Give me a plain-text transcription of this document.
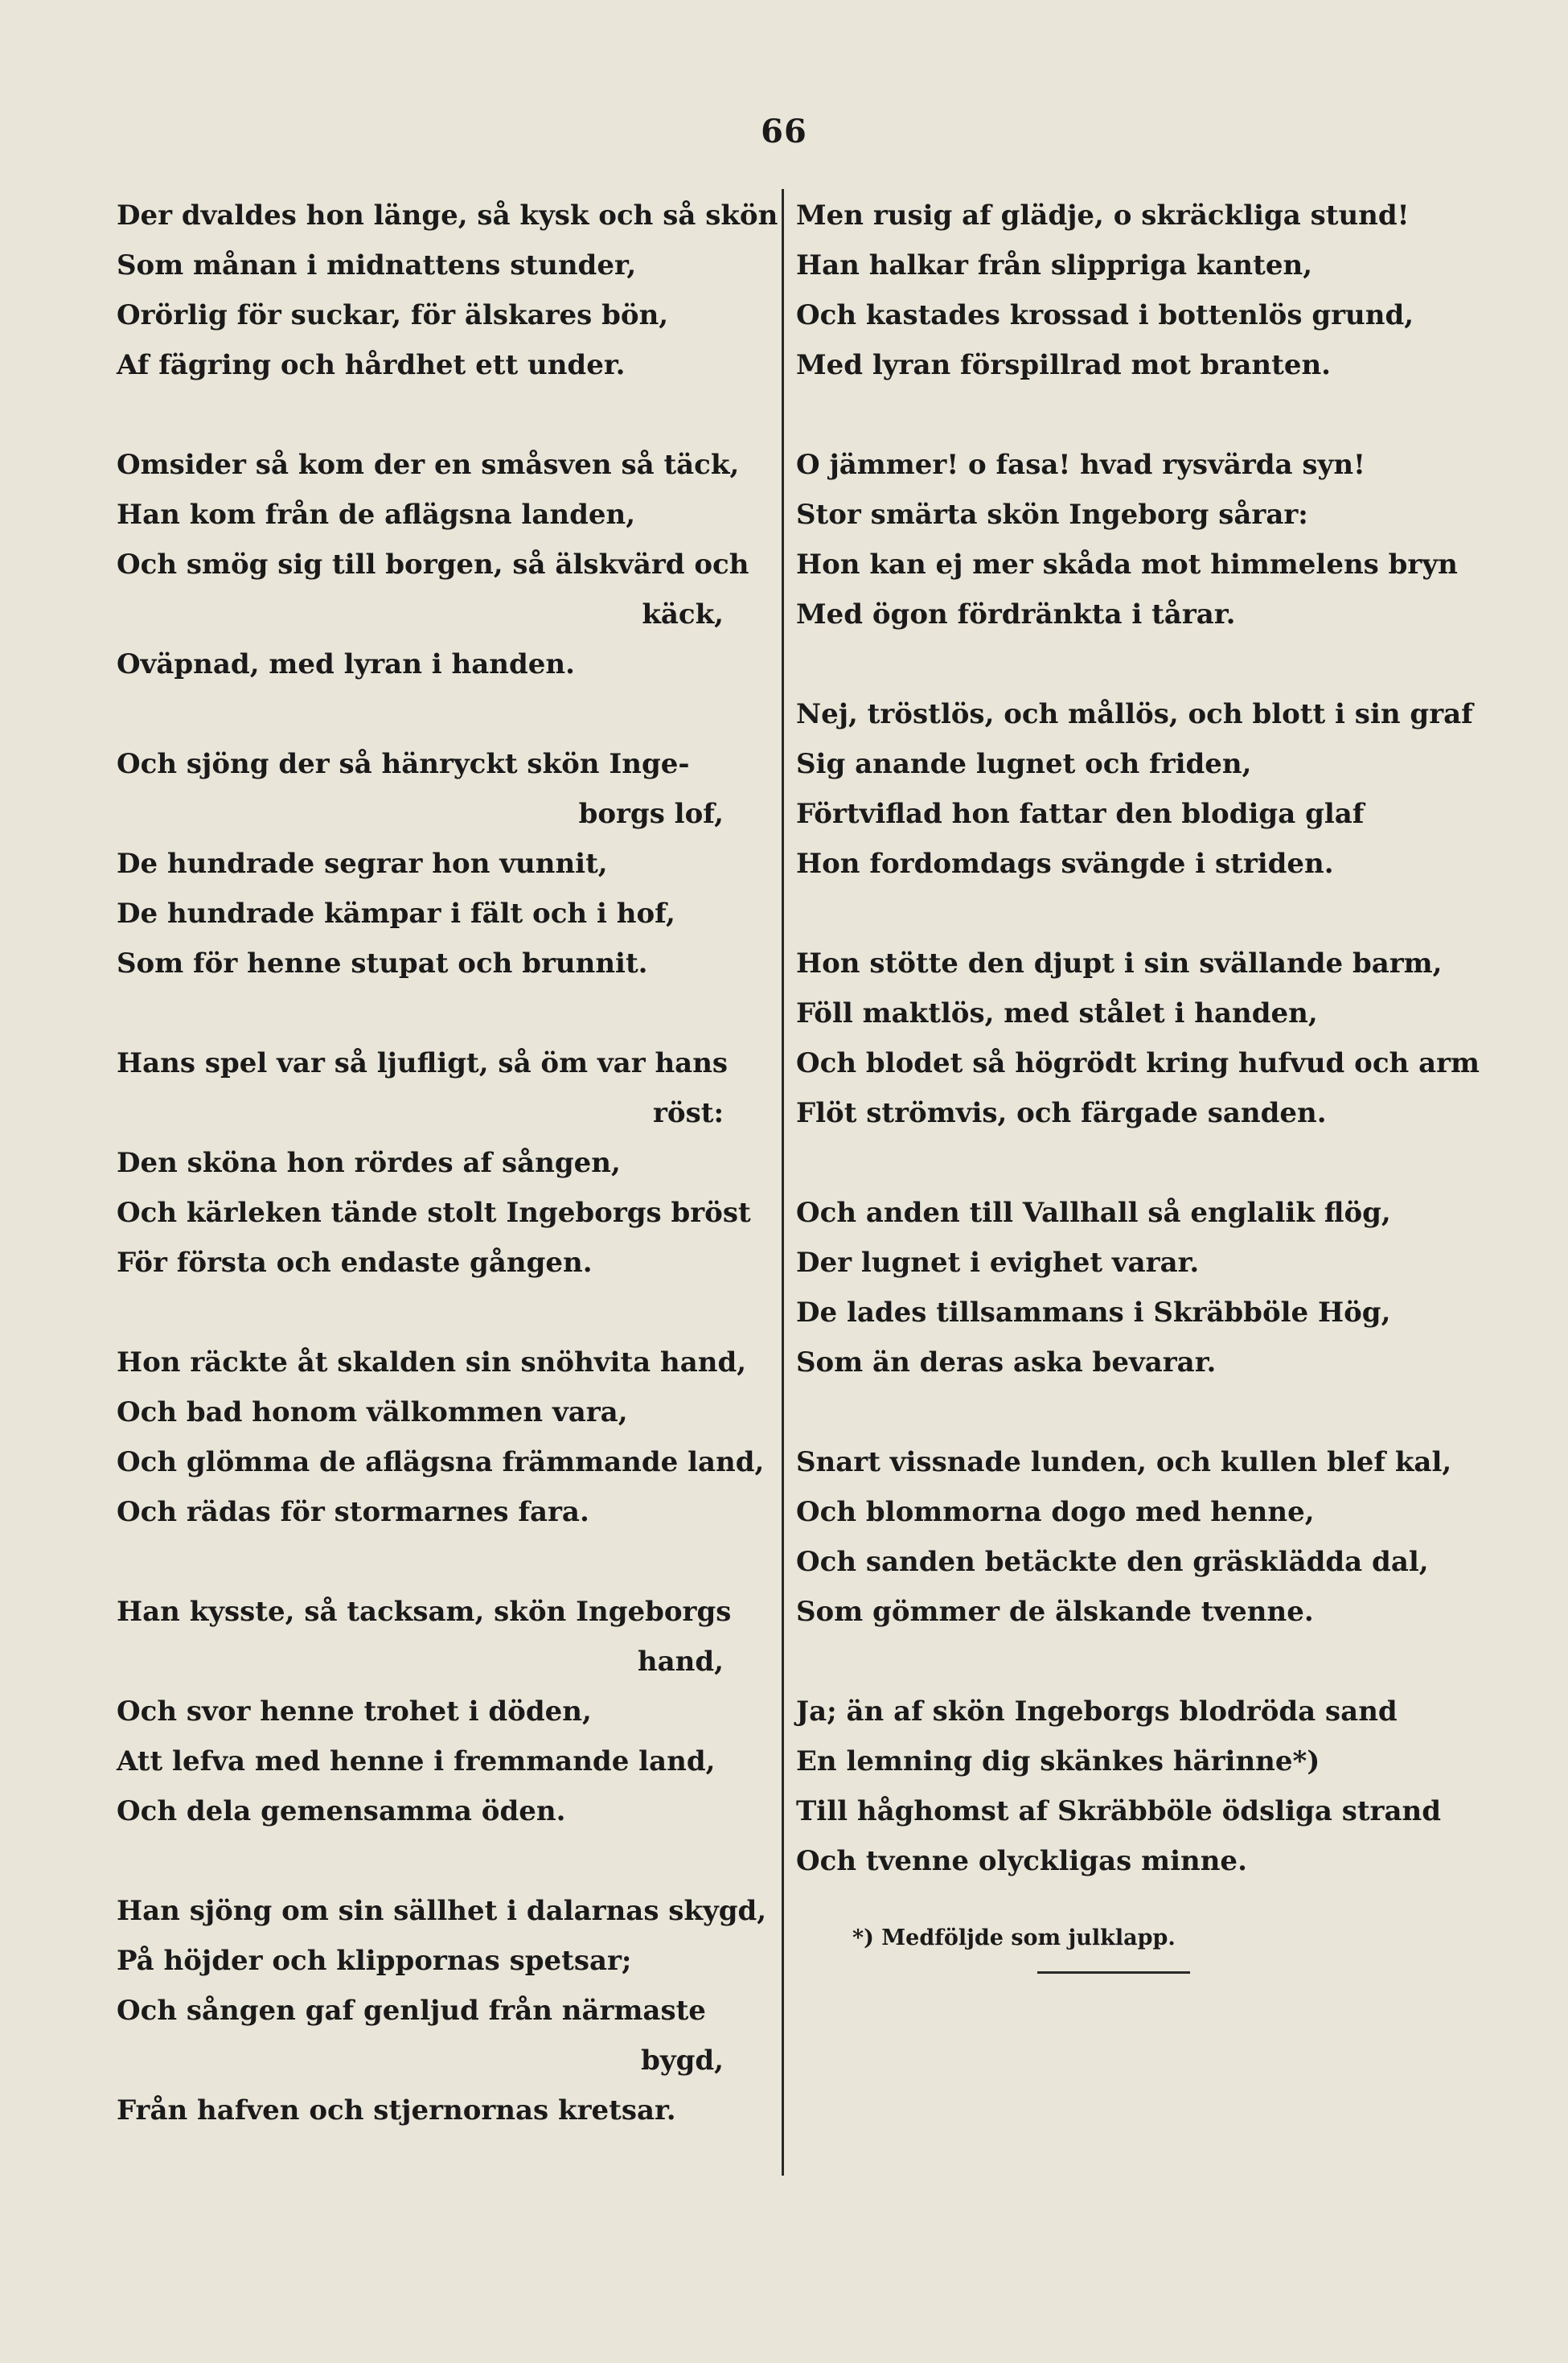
66
Der dvaldes hon länge, så kysk och så skön
Som månan i midnattens stunder,
Orörlig för suckar, för älskares bön,
Af fägring och hårdhet ett under.
Omsider så kom der en småsven så täck,
Han kom från de aflägsna landen,
Och smög sig till borgen, så älskvärd och
käck,
Oväpnad, med lyran i handen.
Och sjöng der så hänryckt skön Inge-
borgs lof,
De hundrade segrar hon vunnit,
De hundrade kämpar i fält och i hof,
Som för henne stupat och brunnit.
Hans spel var så ljufligt, så öm var hans
röst:
Den sköna hon rördes af sången,
Och kärleken tände stolt Ingeborgs bröst
För första och endaste gången.
Hon räckte åt skalden sin snöhvita hand,
Och bad honom välkommen vara,
Och glömma de aflägsna främmande land,
Och rädas för stormarnes fara.
Han kysste, så tacksam, skön Ingeborgs
hand,
Och svor henne trohet i döden,
Att lefva med henne i fremmande land,
Och dela gemensamma öden.
Han sjöng om sin sällhet i dalarnas skygd,
På höjder och klippornas spetsar;
Och sången gaf genljud från närmaste
bygd,
Från hafven och stjernornas kretsar.
Men rusig af glädje, o skräckliga stund!
Han halkar från slippriga kanten,
Och kastades krossad i bottenlös grund,
Med lyran förspillrad mot branten.
O jämmer! o fasa! hvad rysvärda syn!
Stor smärta skön Ingeborg sårar:
Hon kan ej mer skåda mot himmelens bryn
Med ögon fördränkta i tårar.
Nej, tröstlös, och mållös, och blott i sin graf
Sig anande lugnet och friden,
Förtviflad hon fattar den blodiga glaf
Hon fordomdags svängde i striden.
Hon stötte den djupt i sin svällande barm,
Föll maktlös, med stålet i handen,
Och blodet så högrödt kring hufvud och arm
Flöt strömvis, och färgade sanden.
Och anden till Vallhall så englalik flög,
Der lugnet i evighet varar.
De lades tillsammans i Skräbböle Hög,
Som än deras aska bevarar.
Snart vissnade lunden, och kullen blef kal,
Och blommorna dogo med henne,
Och sanden betäckte den gräsklädda dal,
Som gömmer de älskande tvenne.
Ja; än af skön Ingeborgs blodröda sand
En lemning dig skänkes härinne*)
Till håghomst af Skräbböle ödsliga strand
Och tvenne olyckligas minne.
*) Medföljde som julklapp.
